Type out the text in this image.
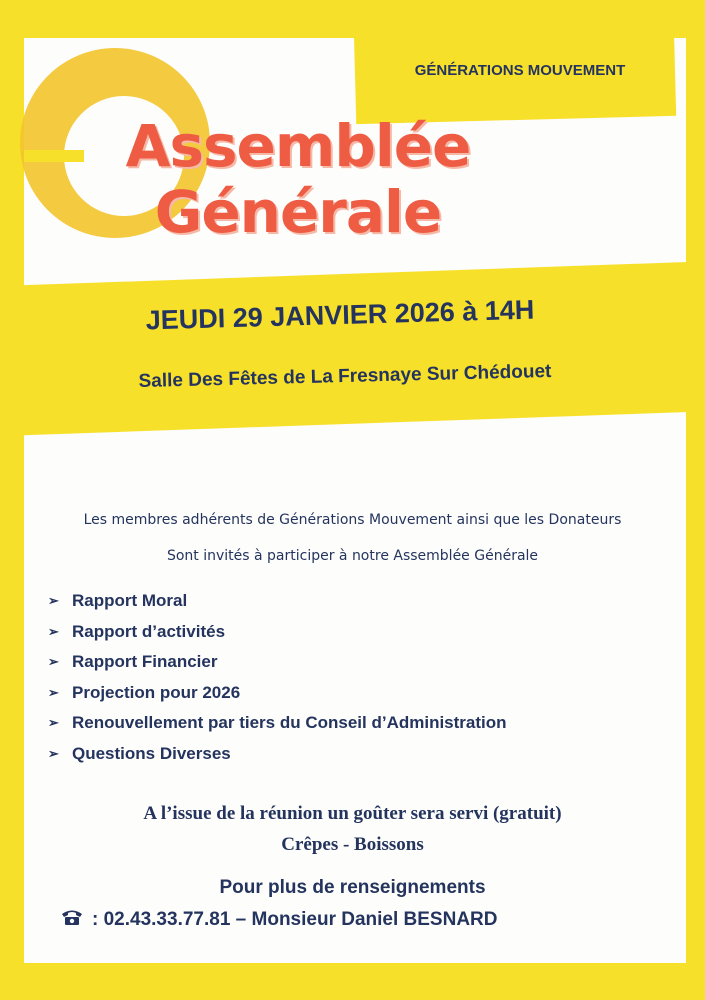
GÉNÉRATIONS MOUVEMENT
Assemblée
Générale
JEUDI 29 JANVIER 2026 à 14H
Salle Des Fêtes de La Fresnaye Sur Chédouet
Les membres adhérents de Générations Mouvement ainsi que les Donateurs
Sont invités à participer à notre Assemblée Générale
➢ Rapport Moral
➢ Rapport d’activités
➢ Rapport Financier
➢ Projection pour 2026
➢ Renouvellement par tiers du Conseil d’Administration
➢ Questions Diverses
A l’issue de la réunion un goûter sera servi (gratuit)
Crêpes - Boissons
Pour plus de renseignements
: 02.43.33.77.81 – Monsieur Daniel BESNARD
